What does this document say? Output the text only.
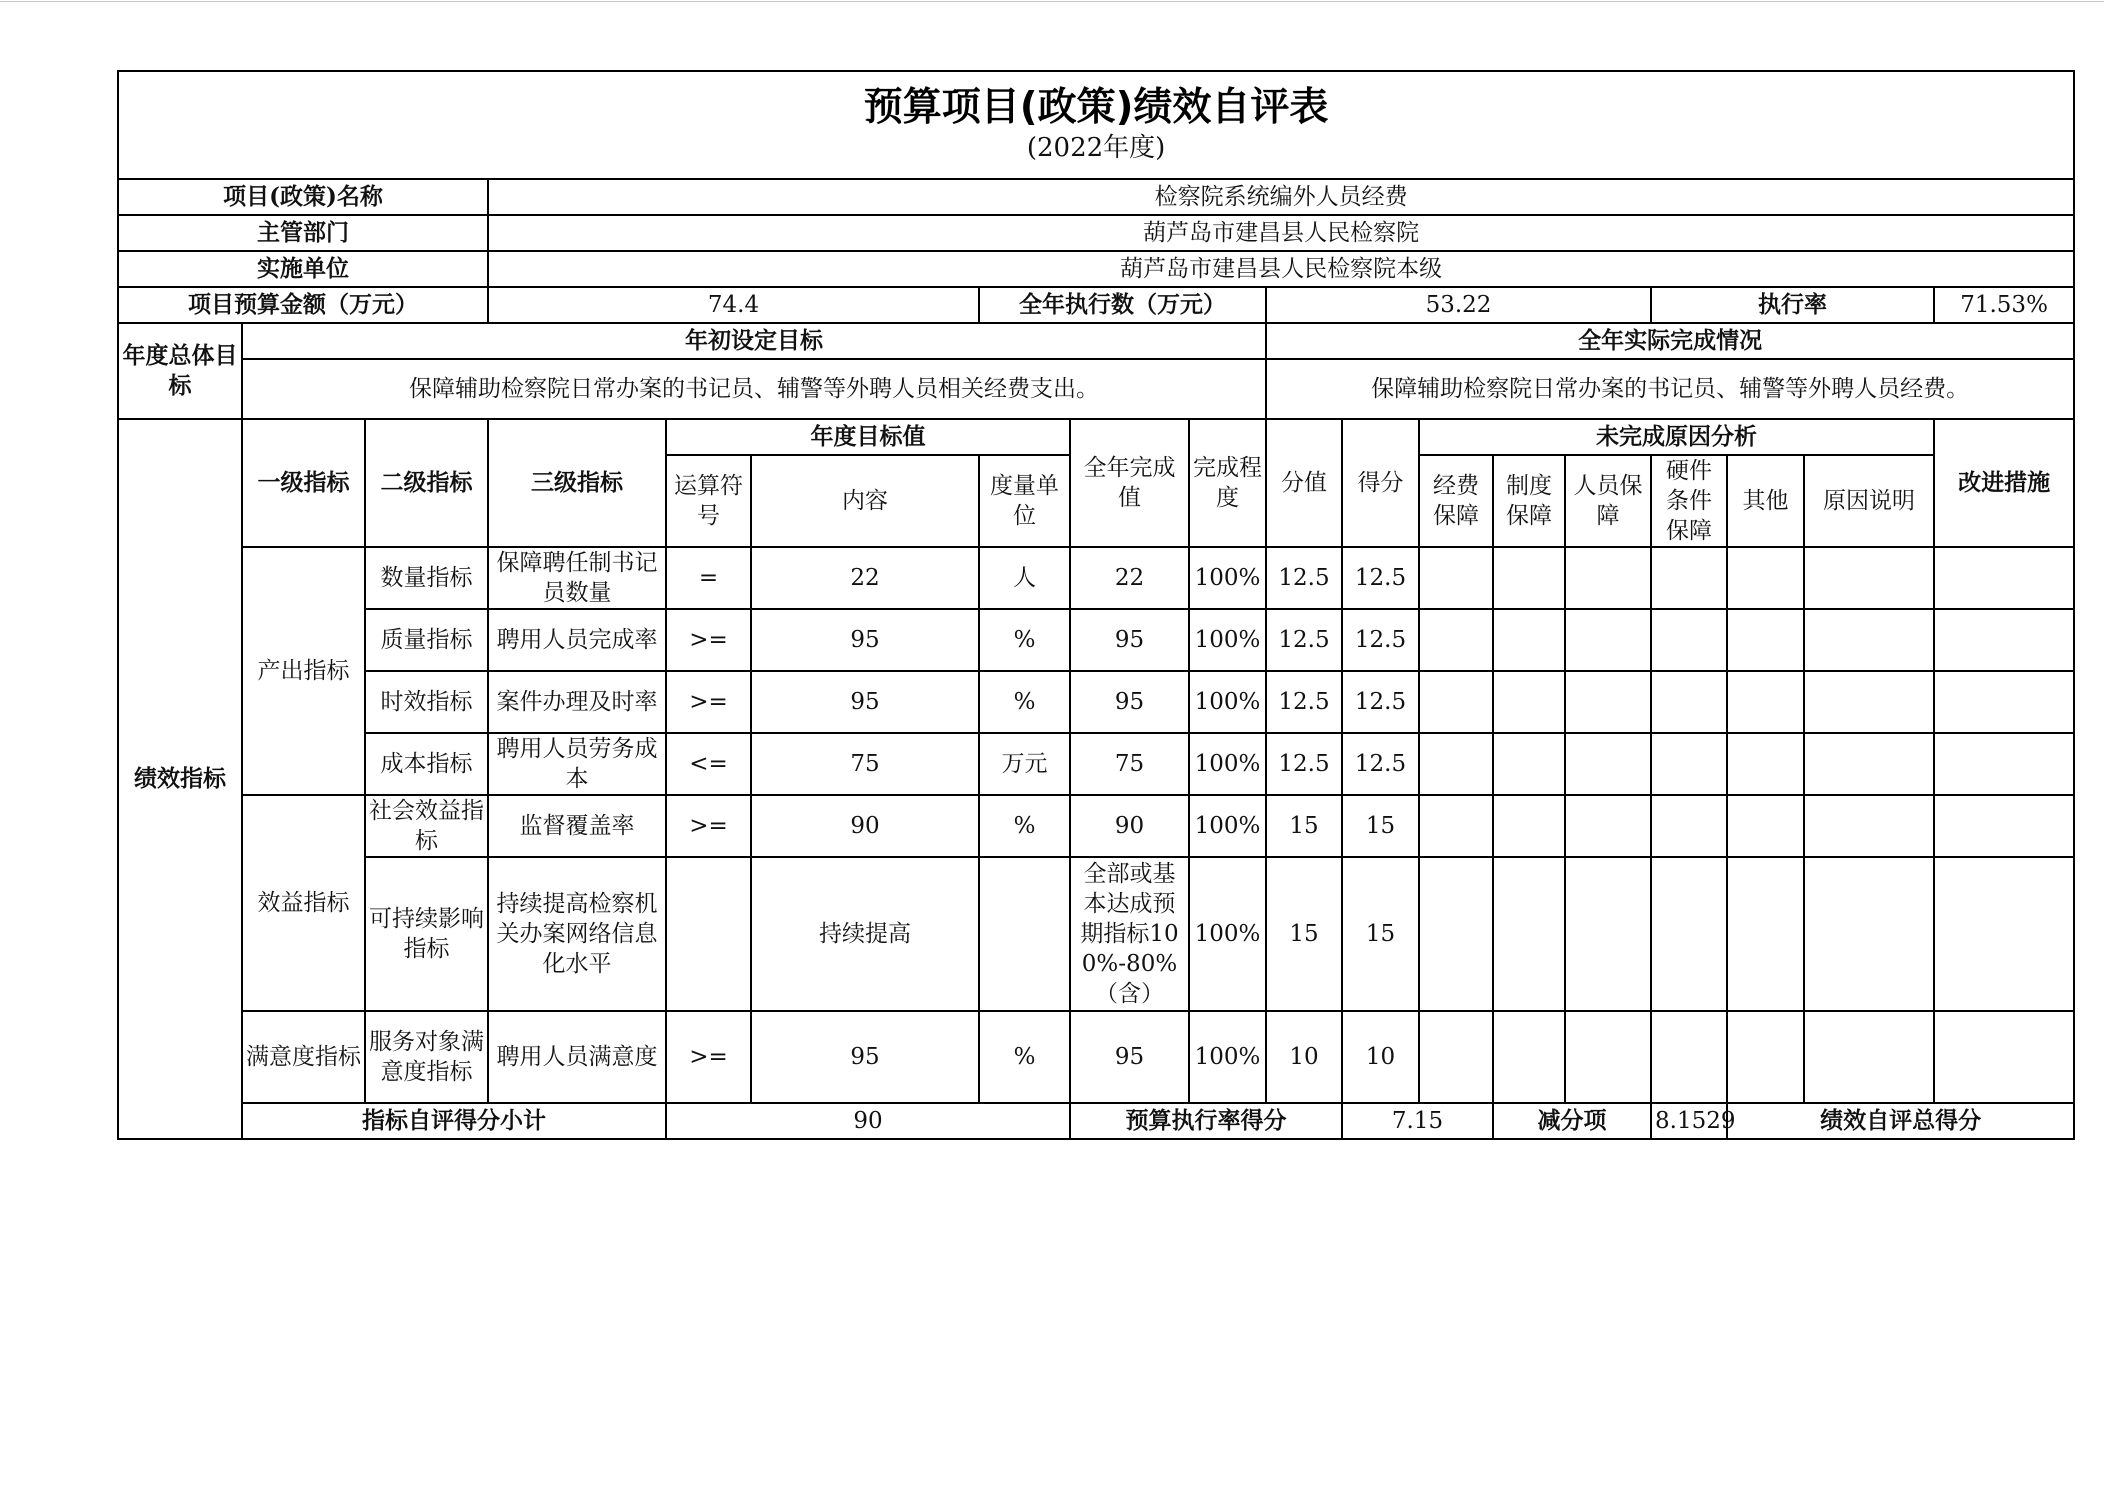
预算项目(政策)绩效自评表
(2022年度)																		

项目(政策)名称			检察院系统编外人员经费															
主管部门			葫芦岛市建昌县人民检察院															
实施单位			葫芦岛市建昌县人民检察院本级															
项目预算金额（万元）			74.4			全年执行数（万元）			53.22					执行率			71.53%	
年度总体目标	年初设定目标								全年实际完成情况									
	保障辅助检察院日常办案的书记员、辅警等外聘人员相关经费支出。								保障辅助检察院日常办案的书记员、辅警等外聘人员经费。									
绩效指标	一级指标	二级指标	三级指标	年度目标值			全年完成值	完成程度	分值	得分	未完成原因分析						改进措施	
				运算符号	内容	度量单位					经费保障	制度保障	人员保障	硬件条件保障	其他	原因说明		
	产出指标	数量指标	保障聘任制书记员数量	=	22	人	22	100%	12.5	12.5								
		质量指标	聘用人员完成率	>=	95	%	95	100%	12.5	12.5								
		时效指标	案件办理及时率	>=	95	%	95	100%	12.5	12.5								
		成本指标	聘用人员劳务成本	<=	75	万元	75	100%	12.5	12.5								
	效益指标	社会效益指标	监督覆盖率	>=	90	%	90	100%	15	15								
		可持续影响指标	持续提高检察机关办案网络信息化水平		持续提高		全部或基本达成预期指标100%-80%（含）	100%	15	15								
	满意度指标	服务对象满意度指标	聘用人员满意度	>=	95	%	95	100%	10	10								
	指标自评得分小计			90			预算执行率得分			7.15		减分项		8.1529	绩效自评总得分	
